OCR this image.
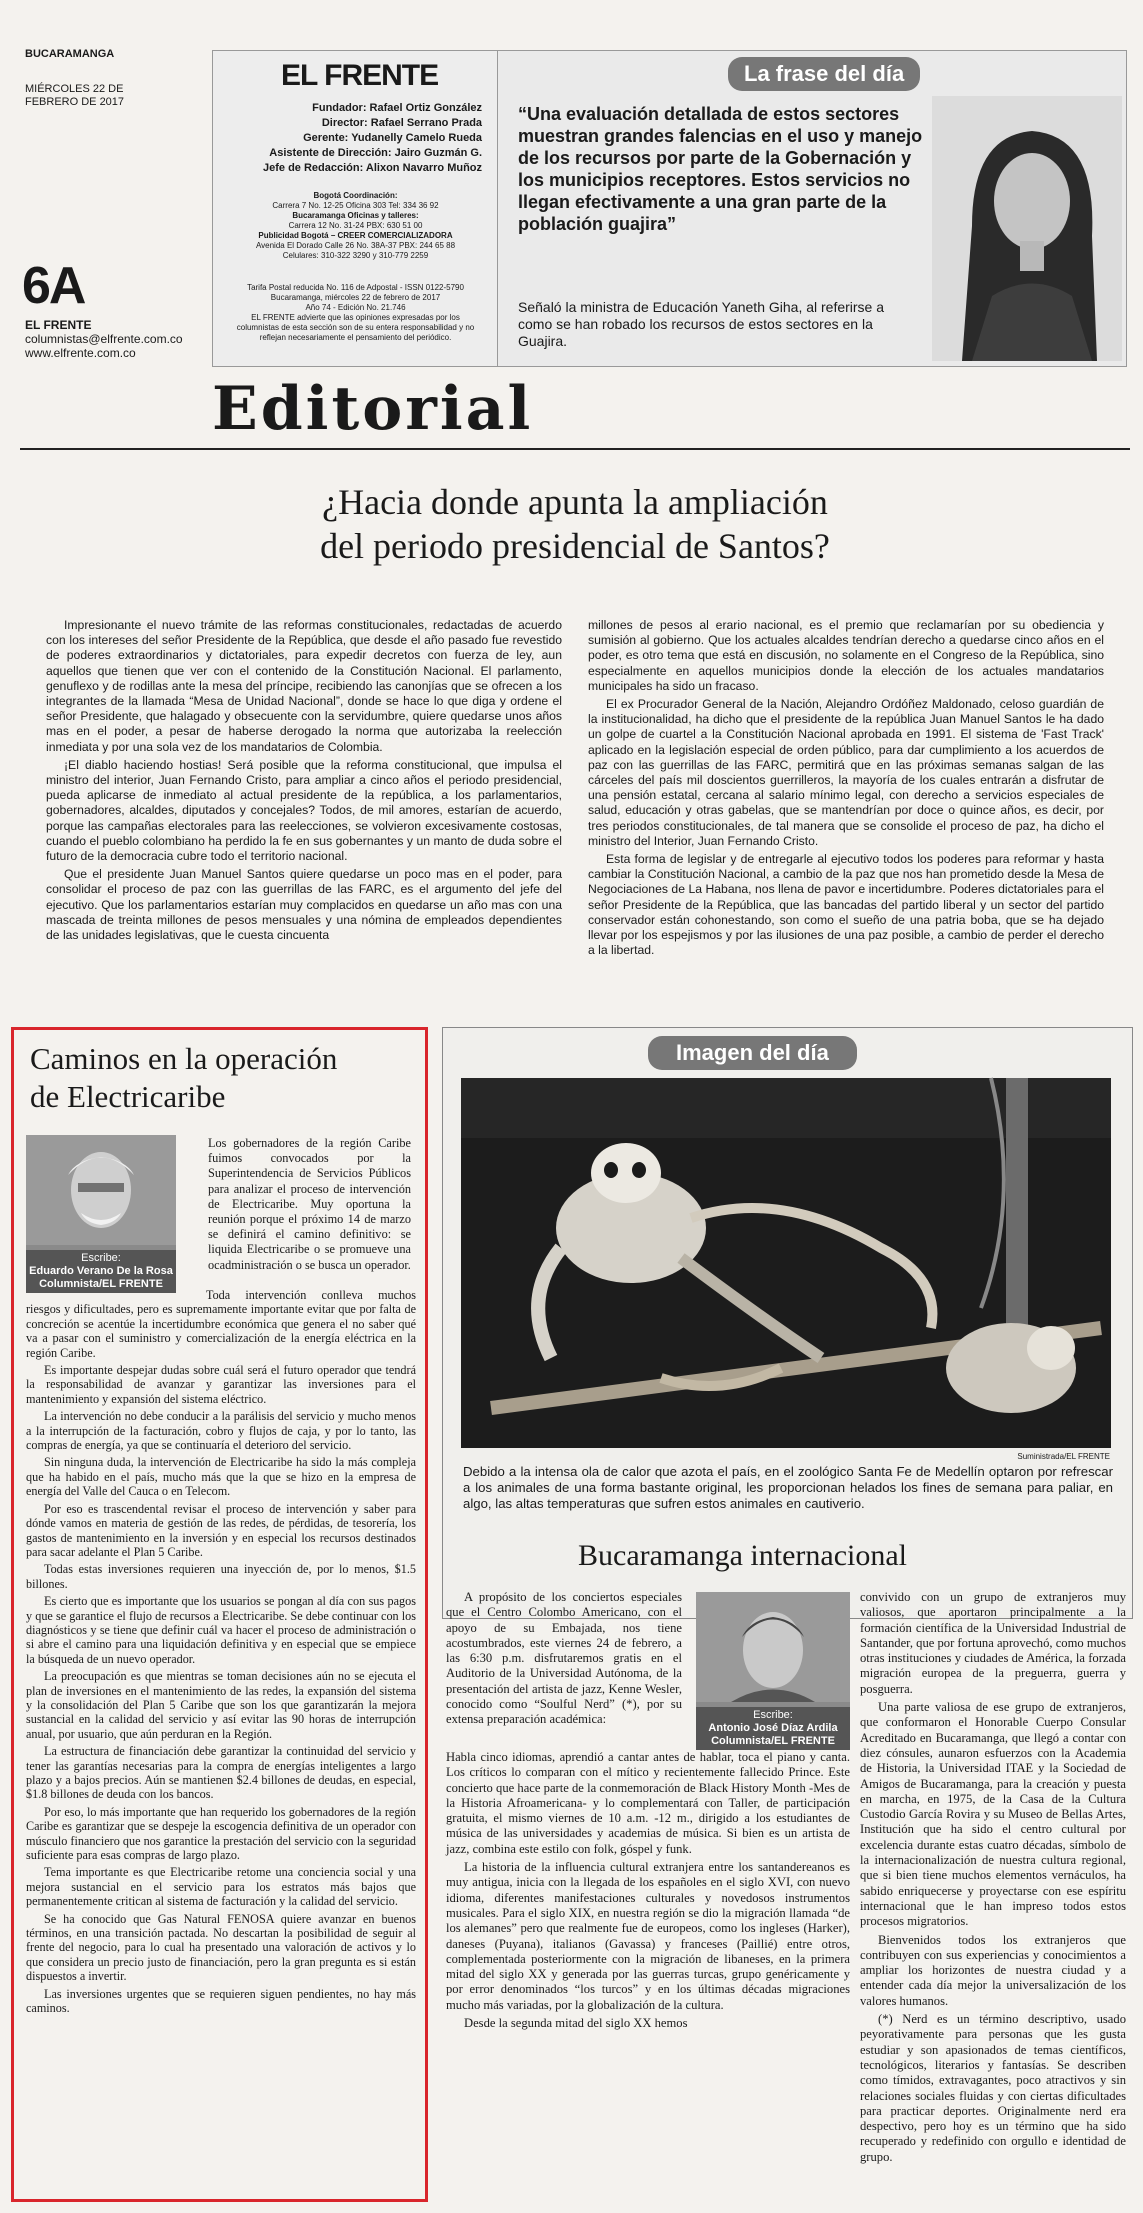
BUCARAMANGA
MIÉRCOLES 22 DE FEBRERO DE 2017
6A
EL FRENTE
columnistas@elfrente.com.co
www.elfrente.com.co
EL FRENTE
Fundador: Rafael Ortiz González
Director: Rafael Serrano Prada
Gerente: Yudanelly Camelo Rueda
Asistente de Dirección: Jairo Guzmán G.
Jefe de Redacción: Alixon Navarro Muñoz
Bogotá Coordinación:
Carrera 7 No. 12-25 Oficina 303 Tel: 334 36 92
Bucaramanga Oficinas y talleres:
Carrera 12 No. 31-24 PBX: 630 51 00
Publicidad Bogotá – CREER COMERCIALIZADORA
Avenida El Dorado Calle 26 No. 38A-37 PBX: 244 65 88
Celulares: 310-322 3290 y 310-779 2259
Tarifa Postal reducida No. 116 de Adpostal - ISSN 0122-5790
Bucaramanga, miércoles 22 de febrero de 2017
Año 74 - Edición No. 21.746
EL FRENTE advierte que las opiniones expresadas por los columnistas de esta sección son de su entera responsabilidad y no reflejan necesariamente el pensamiento del periódico.
La frase del día
“Una evaluación detallada de estos sectores muestran grandes falencias en el uso y manejo de los recursos por parte de la Gobernación y los municipios receptores. Estos servicios no llegan efectivamente a una gran parte de la población guajira”
Señaló la ministra de Educación Yaneth Giha, al referirse a como se han robado los recursos de estos sectores en la Guajira.
Editorial
¿Hacia donde apunta la ampliación
del periodo presidencial de Santos?

Impresionante el nuevo trámite de las reformas constitucionales, redactadas de acuerdo con los intereses del señor Presidente de la República, que desde el año pasado fue revestido de poderes extraordinarios y dictatoriales, para expedir decretos con fuerza de ley, aun aquellos que tienen que ver con el contenido de la Constitución Nacional. El parlamento, genuflexo y de rodillas ante la mesa del príncipe, recibiendo las canonjías que se ofrecen a los integrantes de la llamada “Mesa de Unidad Nacional”, donde se hace lo que diga y ordene el señor Presidente, que halagado y obsecuente con la servidumbre, quiere quedarse unos años mas en el poder, a pesar de haberse derogado la norma que autorizaba la reelección inmediata y por una sola vez de los mandatarios de Colombia.

¡El diablo haciendo hostias! Será posible que la reforma constitucional, que impulsa el ministro del interior, Juan Fernando Cristo, para ampliar a cinco años el periodo presidencial, pueda aplicarse de inmediato al actual presidente de la república, a los parlamentarios, gobernadores, alcaldes, diputados y concejales? Todos, de mil amores, estarían de acuerdo, porque las campañas electorales para las reelecciones, se volvieron excesivamente costosas, cuando el pueblo colombiano ha perdido la fe en sus gobernantes y un manto de duda sobre el futuro de la democracia cubre todo el territorio nacional.

Que el presidente Juan Manuel Santos quiere quedarse un poco mas en el poder, para consolidar el proceso de paz con las guerrillas de las FARC, es el argumento del jefe del ejecutivo. Que los parlamentarios estarían muy complacidos en quedarse un año mas con una mascada de treinta millones de pesos mensuales y una nómina de empleados dependientes de las unidades legislativas, que le cuesta cincuenta

millones de pesos al erario nacional, es el premio que reclamarían por su obediencia y sumisión al gobierno. Que los actuales alcaldes tendrían derecho a quedarse cinco años en el poder, es otro tema que está en discusión, no solamente en el Congreso de la República, sino especialmente en aquellos municipios donde la elección de los actuales mandatarios municipales ha sido un fracaso.

El ex Procurador General de la Nación, Alejandro Ordóñez Maldonado, celoso guardián de la institucionalidad, ha dicho que el presidente de la república Juan Manuel Santos le ha dado un golpe de cuartel a la Constitución Nacional aprobada en 1991. El sistema de 'Fast Track' aplicado en la legislación especial de orden público, para dar cumplimiento a los acuerdos de paz con las guerrillas de las FARC, permitirá que en las próximas semanas salgan de las cárceles del país mil doscientos guerrilleros, la mayoría de los cuales entrarán a disfrutar de una pensión estatal, cercana al salario mínimo legal, con derecho a servicios especiales de salud, educación y otras gabelas, que se mantendrían por doce o quince años, es decir, por tres periodos constitucionales, de tal manera que se consolide el proceso de paz, ha dicho el ministro del Interior, Juan Fernando Cristo.

Esta forma de legislar y de entregarle al ejecutivo todos los poderes para reformar y hasta cambiar la Constitución Nacional, a cambio de la paz que nos han prometido desde la Mesa de Negociaciones de La Habana, nos llena de pavor e incertidumbre. Poderes dictatoriales para el señor Presidente de la República, que las bancadas del partido liberal y un sector del partido conservador están cohonestando, son como el sueño de una patria boba, que se ha dejado llevar por los espejismos y por las ilusiones de una paz posible, a cambio de perder el derecho a la libertad.

Caminos en la operación
de Electricaribe
Escribe:
Eduardo Verano De la Rosa
Columnista/EL FRENTE
Los gobernadores de la región Caribe fuimos convocados por la Superintendencia de Servicios Públicos para analizar el proceso de intervención de Electricaribe. Muy oportuna la reunión porque el próximo 14 de marzo se definirá el camino definitivo: se liquida Electricaribe o se promueve una ocadministración o se busca un operador.

Toda intervención conlleva muchos riesgos y dificultades, pero es supremamente importante evitar que por falta de concreción se acentúe la incertidumbre económica que genera el no saber qué va a pasar con el suministro y comercialización de la energía eléctrica en la región Caribe.

Es importante despejar dudas sobre cuál será el futuro operador que tendrá la responsabilidad de avanzar y garantizar las inversiones para el mantenimiento y expansión del sistema eléctrico.

La intervención no debe conducir a la parálisis del servicio y mucho menos a la interrupción de la facturación, cobro y flujos de caja, y por lo tanto, las compras de energía, ya que se continuaría el deterioro del servicio.

Sin ninguna duda, la intervención de Electricaribe ha sido la más compleja que ha habido en el país, mucho más que la que se hizo en la empresa de energía del Valle del Cauca o en Telecom.

Por eso es trascendental revisar el proceso de intervención y saber para dónde vamos en materia de gestión de las redes, de pérdidas, de tesorería, los gastos de mantenimiento en la inversión y en especial los recursos destinados para sacar adelante el Plan 5 Caribe.

Todas estas inversiones requieren una inyección de, por lo menos, $1.5 billones.

Es cierto que es importante que los usuarios se pongan al día con sus pagos y que se garantice el flujo de recursos a Electricaribe. Se debe continuar con los diagnósticos y se tiene que definir cuál va hacer el proceso de administración o si abre el camino para una liquidación definitiva y en especial que se empiece la búsqueda de un nuevo operador.

La preocupación es que mientras se toman decisiones aún no se ejecuta el plan de inversiones en el mantenimiento de las redes, la expansión del sistema y la consolidación del Plan 5 Caribe que son los que garantizarán la mejora sustancial en la calidad del servicio y así evitar las 90 horas de interrupción anual, por usuario, que aún perduran en la Región.

La estructura de financiación debe garantizar la continuidad del servicio y tener las garantías necesarias para la compra de energías inteligentes a largo plazo y a bajos precios. Aún se mantienen $2.4 billones de deudas, en especial, $1.8 billones de deuda con los bancos.

Por eso, lo más importante que han requerido los gobernadores de la región Caribe es garantizar que se despeje la escogencia definitiva de un operador con músculo financiero que nos garantice la prestación del servicio con la seguridad suficiente para esas compras de largo plazo.

Tema importante es que Electricaribe retome una conciencia social y una mejora sustancial en el servicio para los estratos más bajos que permanentemente critican al sistema de facturación y la calidad del servicio.

Se ha conocido que Gas Natural FENOSA quiere avanzar en buenos términos, en una transición pactada. No descartan la posibilidad de seguir al frente del negocio, para lo cual ha presentado una valoración de activos y lo que considera un precio justo de financiación, pero la gran pregunta es si están dispuestos a invertir.

Las inversiones urgentes que se requieren siguen pendientes, no hay más caminos.

Imagen del día
Suministrada/EL FRENTE
Debido a la intensa ola de calor que azota el país, en el zoológico Santa Fe de Medellín optaron por refrescar a los animales de una forma bastante original, les proporcionan helados los fines de semana para paliar, en algo, las altas temperaturas que sufren estos animales en cautiverio.
Bucaramanga internacional
Escribe:
Antonio José Díaz Ardila
Columnista/EL FRENTE
A propósito de los conciertos especiales que el Centro Colombo Americano, con el apoyo de su Embajada, nos tiene acostumbrados, este viernes 24 de febrero, a las 6:30 p.m. disfrutaremos gratis en el Auditorio de la Universidad Autónoma, de la presentación del artista de jazz, Kenne Wesler, conocido como “Soulful Nerd” (*), por su extensa preparación académica:

Habla cinco idiomas, aprendió a cantar antes de hablar, toca el piano y canta. Los críticos lo comparan con el mítico y recientemente fallecido Prince. Este concierto que hace parte de la conmemoración de Black History Month -Mes de la Historia Afroamericana- y lo complementará con Taller, de participación gratuita, el mismo viernes de 10 a.m. -12 m., dirigido a los estudiantes de música de las universidades y academias de música. Si bien es un artista de jazz, combina este estilo con folk, góspel y funk.

La historia de la influencia cultural extranjera entre los santandereanos es muy antigua, inicia con la llegada de los españoles en el siglo XVI, con nuevo idioma, diferentes manifestaciones culturales y novedosos instrumentos musicales. Para el siglo XIX, en nuestra región se dio la migración llamada “de los alemanes” pero que realmente fue de europeos, como los ingleses (Harker), daneses (Puyana), italianos (Gavassa) y franceses (Paillié) entre otros, complementada posteriormente con la migración de libaneses, en la primera mitad del siglo XX y generada por las guerras turcas, grupo genéricamente y por error denominados “los turcos” y en los últimas décadas migraciones mucho más variadas, por la globalización de la cultura.

Desde la segunda mitad del siglo XX hemos

convivido con un grupo de extranjeros muy valiosos, que aportaron principalmente a la formación científica de la Universidad Industrial de Santander, que por fortuna aprovechó, como muchos otras instituciones y ciudades de América, la forzada migración europea de la preguerra, guerra y posguerra.

Una parte valiosa de ese grupo de extranjeros, que conformaron el Honorable Cuerpo Consular Acreditado en Bucaramanga, que llegó a contar con diez cónsules, aunaron esfuerzos con la Academia de Historia, la Universidad ITAE y la Sociedad de Amigos de Bucaramanga, para la creación y puesta en marcha, en 1975, de la Casa de la Cultura Custodio García Rovira y su Museo de Bellas Artes, Institución que ha sido el centro cultural por excelencia durante estas cuatro décadas, símbolo de la internacionalización de nuestra cultura regional, que si bien tiene muchos elementos vernáculos, ha sabido enriquecerse y proyectarse con ese espíritu internacional que le han impreso todos estos procesos migratorios.

Bienvenidos todos los extranjeros que contribuyen con sus experiencias y conocimientos a ampliar los horizontes de nuestra ciudad y a entender cada día mejor la universalización de los valores humanos.

(*) Nerd es un término descriptivo, usado peyorativamente para personas que les gusta estudiar y son apasionados de temas científicos, tecnológicos, literarios y fantasías. Se describen como tímidos, extravagantes, poco atractivos y sin relaciones sociales fluidas y con ciertas dificultades para practicar deportes. Originalmente nerd era despectivo, pero hoy es un término que ha sido recuperado y redefinido con orgullo e identidad de grupo.
